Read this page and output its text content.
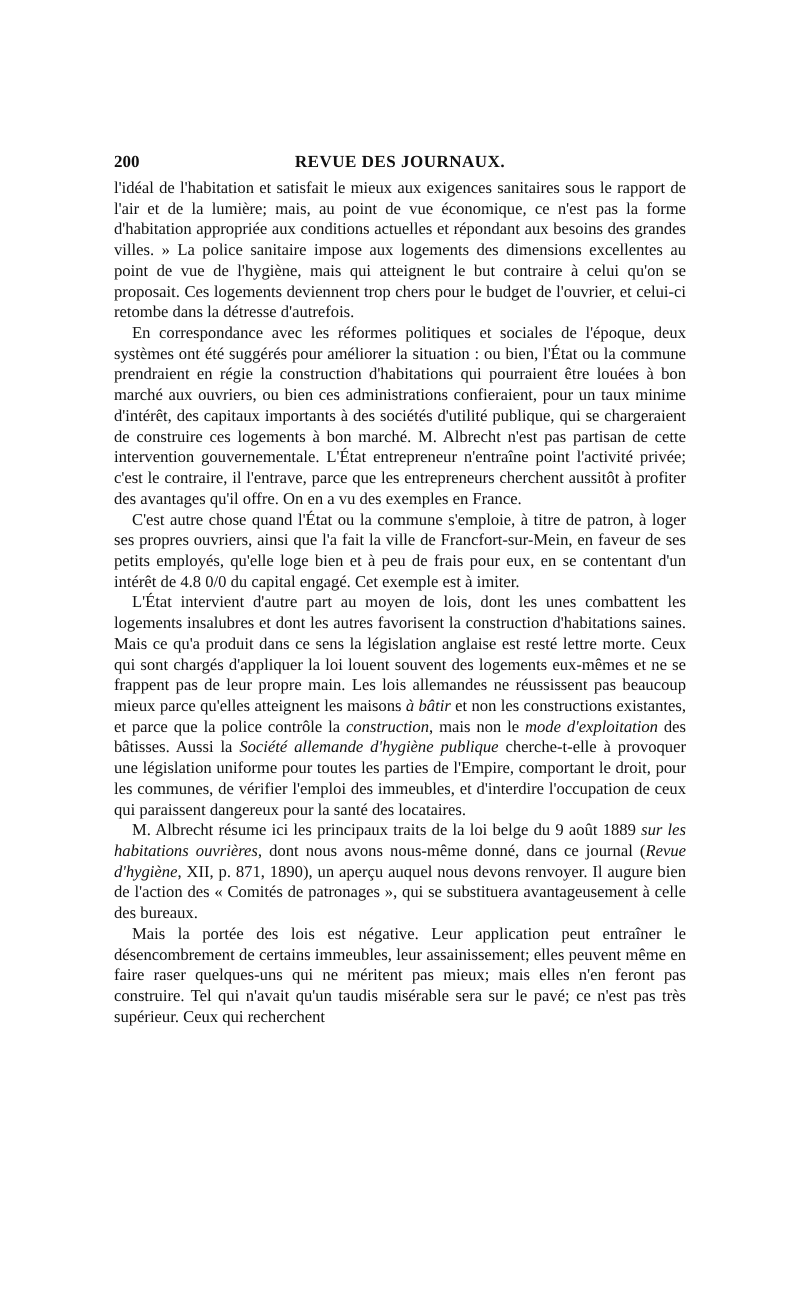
200	REVUE DES JOURNAUX.

l'idéal de l'habitation et satisfait le mieux aux exigences sanitaires sous le rapport de l'air et de la lumière; mais, au point de vue économique, ce n'est pas la forme d'habitation appropriée aux conditions actuelles et répondant aux besoins des grandes villes. » La police sanitaire impose aux logements des dimensions excellentes au point de vue de l'hygiène, mais qui atteignent le but contraire à celui qu'on se proposait. Ces logements deviennent trop chers pour le budget de l'ouvrier, et celui-ci retombe dans la détresse d'autrefois.

En correspondance avec les réformes politiques et sociales de l'époque, deux systèmes ont été suggérés pour améliorer la situation : ou bien, l'État ou la commune prendraient en régie la construction d'habitations qui pourraient être louées à bon marché aux ouvriers, ou bien ces administrations confieraient, pour un taux minime d'intérêt, des capitaux importants à des sociétés d'utilité publique, qui se chargeraient de construire ces logements à bon marché. M. Albrecht n'est pas partisan de cette intervention gouvernementale. L'État entrepreneur n'entraîne point l'activité privée; c'est le contraire, il l'entrave, parce que les entrepreneurs cherchent aussitôt à profiter des avantages qu'il offre. On en a vu des exemples en France.

C'est autre chose quand l'État ou la commune s'emploie, à titre de patron, à loger ses propres ouvriers, ainsi que l'a fait la ville de Francfort-sur-Mein, en faveur de ses petits employés, qu'elle loge bien et à peu de frais pour eux, en se contentant d'un intérêt de 4.8 0/0 du capital engagé. Cet exemple est à imiter.

L'État intervient d'autre part au moyen de lois, dont les unes combattent les logements insalubres et dont les autres favorisent la construction d'habitations saines. Mais ce qu'a produit dans ce sens la législation anglaise est resté lettre morte. Ceux qui sont chargés d'appliquer la loi louent souvent des logements eux-mêmes et ne se frappent pas de leur propre main. Les lois allemandes ne réussissent pas beaucoup mieux parce qu'elles atteignent les maisons à bâtir et non les constructions existantes, et parce que la police contrôle la construction, mais non le mode d'exploitation des bâtisses. Aussi la Société allemande d'hygiène publique cherche-t-elle à provoquer une législation uniforme pour toutes les parties de l'Empire, comportant le droit, pour les communes, de vérifier l'emploi des immeubles, et d'interdire l'occupation de ceux qui paraissent dangereux pour la santé des locataires.

M. Albrecht résume ici les principaux traits de la loi belge du 9 août 1889 sur les habitations ouvrières, dont nous avons nous-même donné, dans ce journal (Revue d'hygiène, XII, p. 871, 1890), un aperçu auquel nous devons renvoyer. Il augure bien de l'action des « Comités de patronages », qui se substituera avantageusement à celle des bureaux.

Mais la portée des lois est négative. Leur application peut entraîner le désencombrement de certains immeubles, leur assainissement; elles peuvent même en faire raser quelques-uns qui ne méritent pas mieux; mais elles n'en feront pas construire. Tel qui n'avait qu'un taudis misérable sera sur le pavé; ce n'est pas très supérieur. Ceux qui recherchent
